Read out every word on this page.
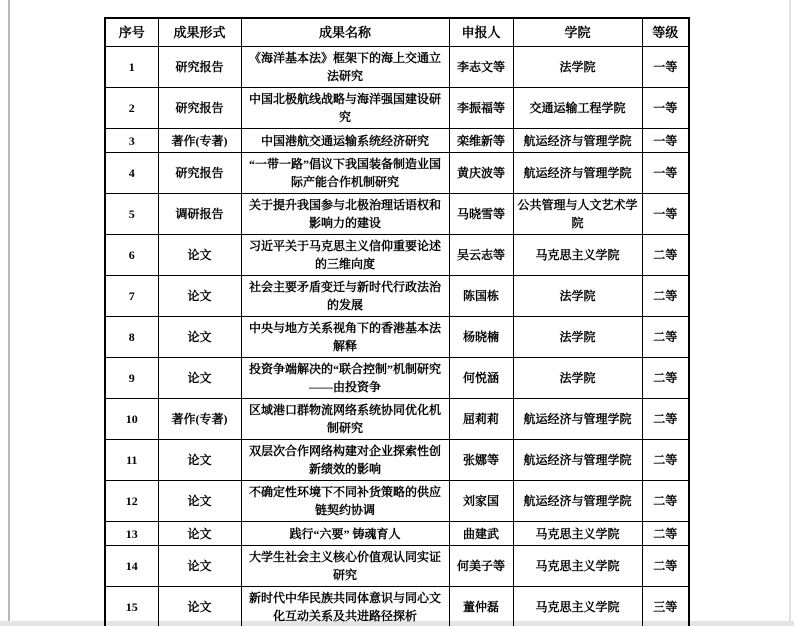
序号	成果形式	成果名称	申报人	学院	等级
1	研究报告	《海洋基本法》框架下的海上交通立法研究	李志文等	法学院	一等
2	研究报告	中国北极航线战略与海洋强国建设研究	李振福等	交通运输工程学院	一等
3	著作(专著)	中国港航交通运输系统经济研究	栾维新等	航运经济与管理学院	一等
4	研究报告	“一带一路”倡议下我国装备制造业国际产能合作机制研究	黄庆波等	航运经济与管理学院	一等
5	调研报告	关于提升我国参与北极治理话语权和影响力的建设	马晓雪等	公共管理与人文艺术学院	一等
6	论文	习近平关于马克思主义信仰重要论述的三维向度	吴云志等	马克思主义学院	二等
7	论文	社会主要矛盾变迁与新时代行政法治的发展	陈国栋	法学院	二等
8	论文	中央与地方关系视角下的香港基本法解释	杨晓楠	法学院	二等
9	论文	投资争端解决的“联合控制”机制研究——由投资争	何悦涵	法学院	二等
10	著作(专著)	区域港口群物流网络系统协同优化机制研究	屈莉莉	航运经济与管理学院	二等
11	论文	双层次合作网络构建对企业探索性创新绩效的影响	张娜等	航运经济与管理学院	二等
12	论文	不确定性环境下不同补货策略的供应链契约协调	刘家国	航运经济与管理学院	二等
13	论文	践行“六要” 铸魂育人	曲建武	马克思主义学院	二等
14	论文	大学生社会主义核心价值观认同实证研究	何美子等	马克思主义学院	二等
15	论文	新时代中华民族共同体意识与同心文化互动关系及共进路径探析	董仲磊	马克思主义学院	三等
